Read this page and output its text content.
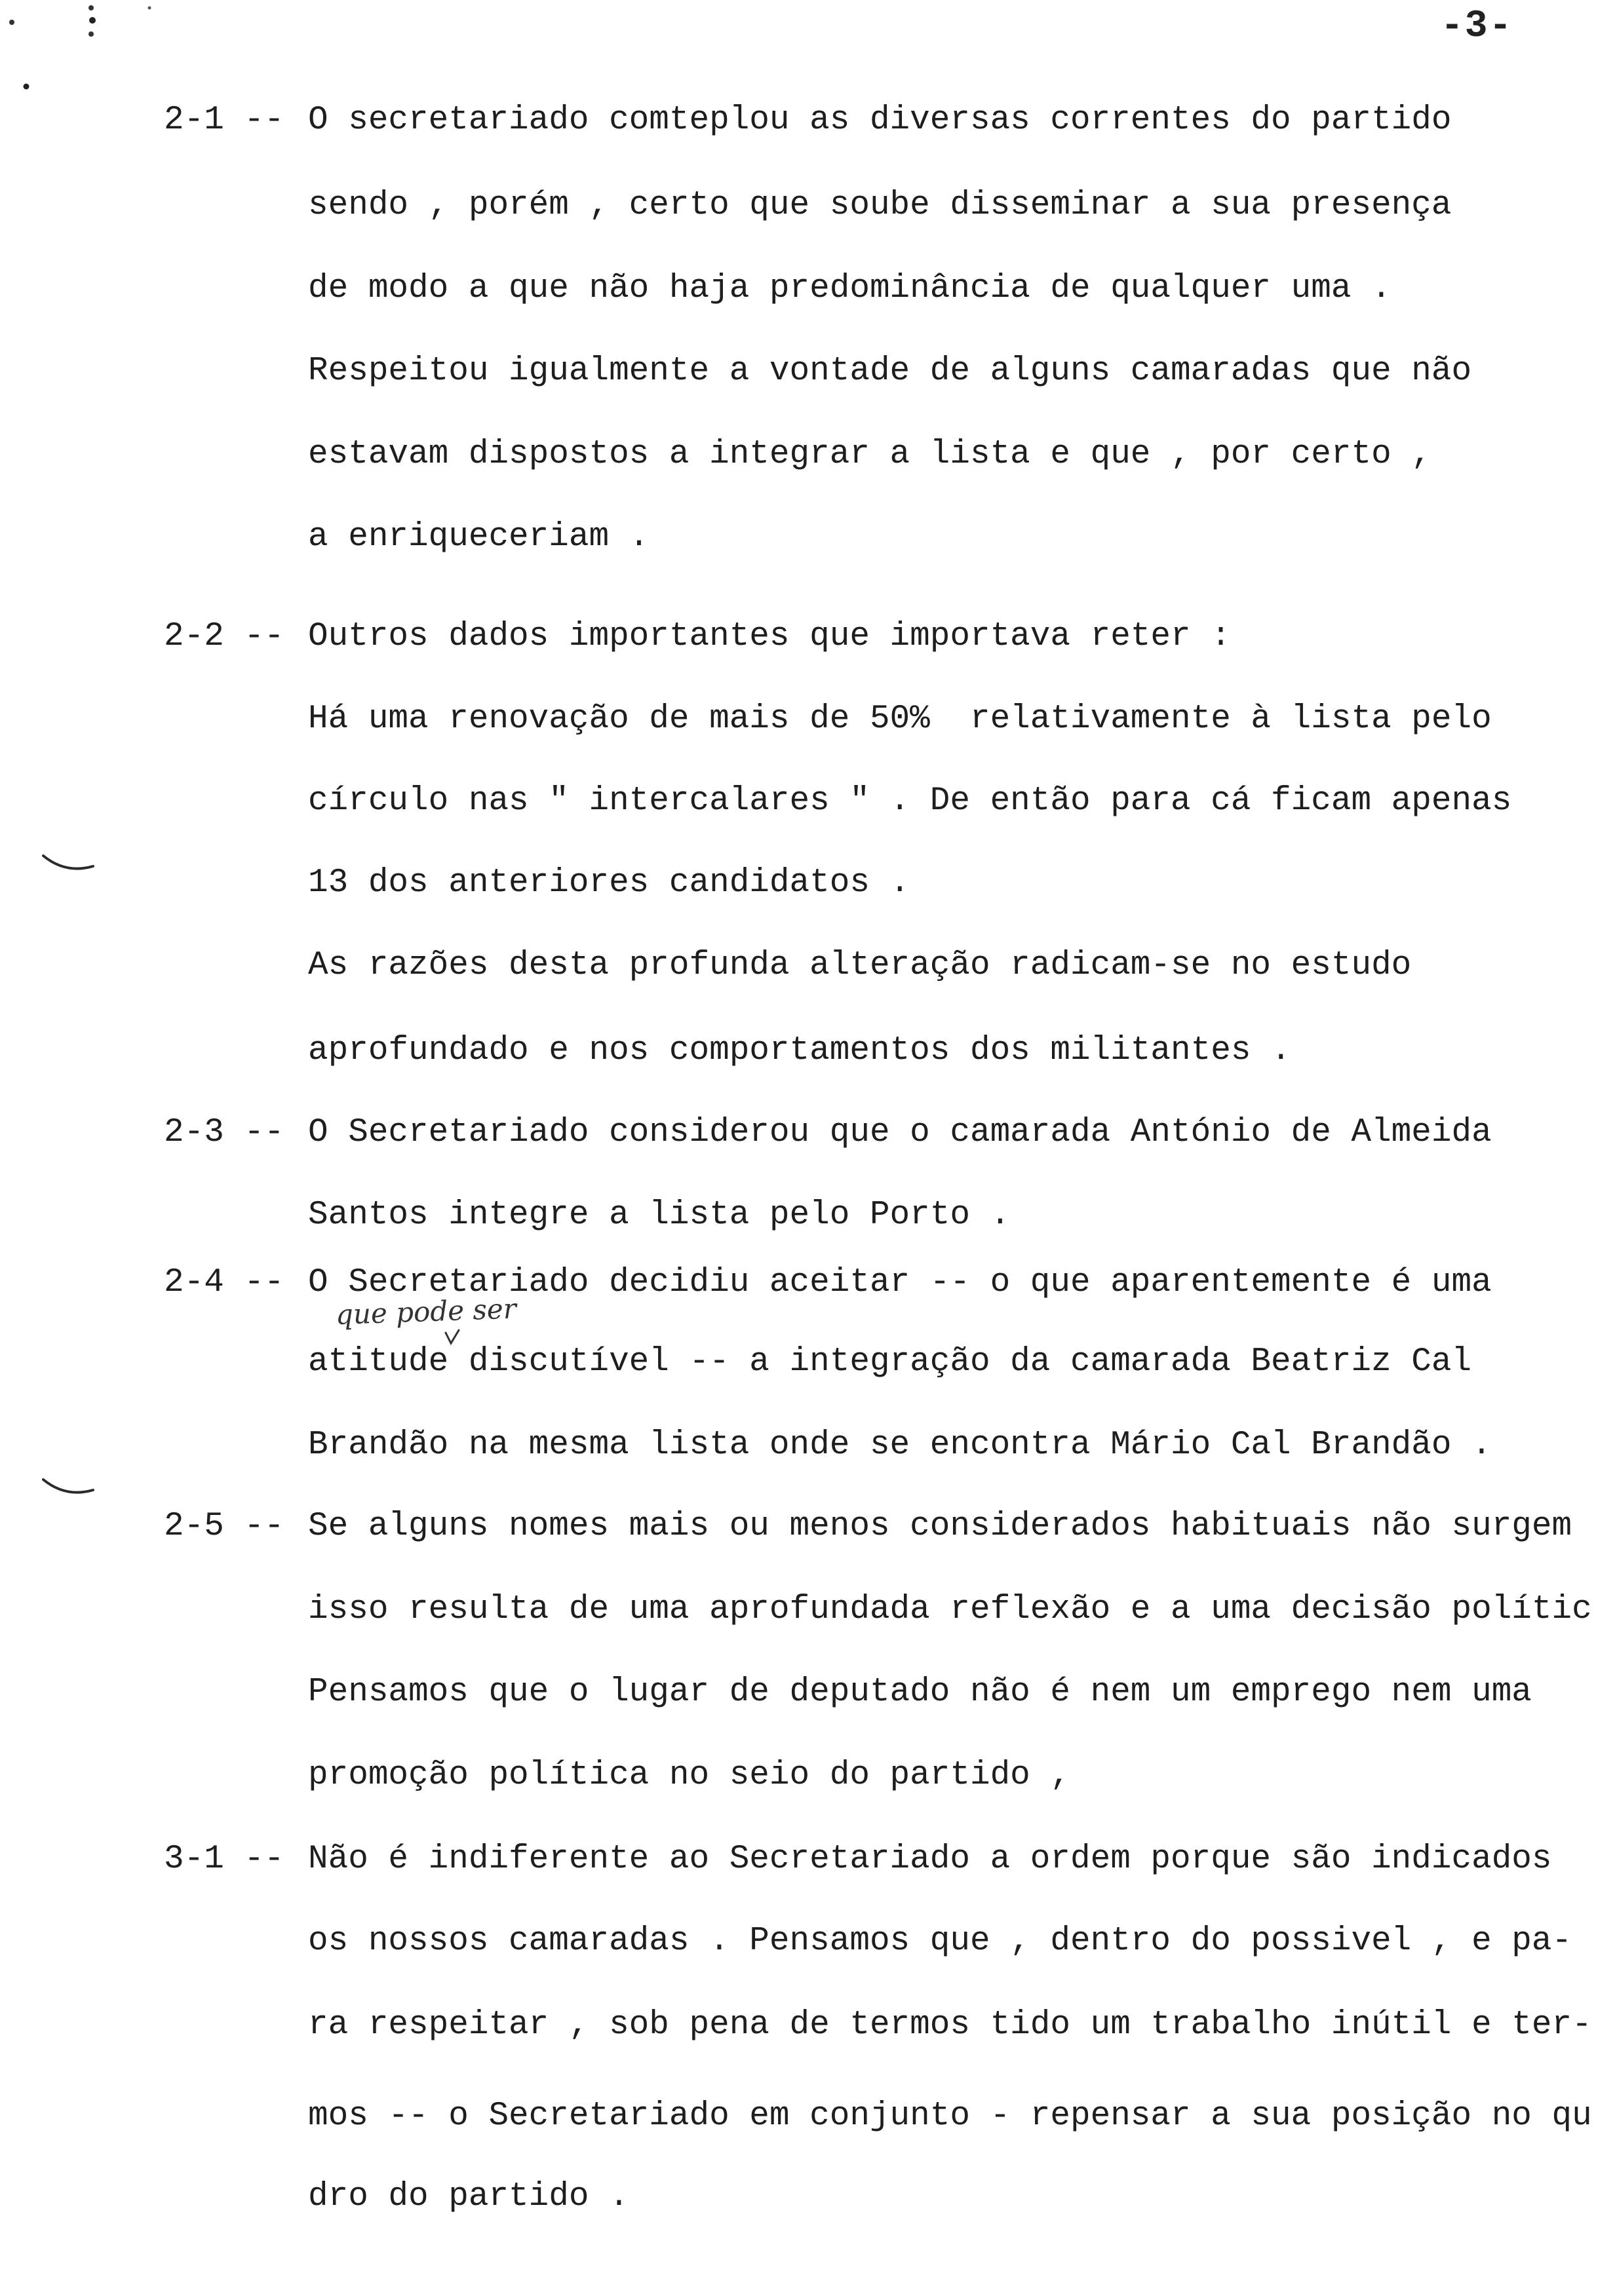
-3-
2-1 -- O secretariado comteplou as diversas correntes do partido
sendo , porém , certo que soube disseminar a sua presença
de modo a que não haja predominância de qualquer uma .
Respeitou igualmente a vontade de alguns camaradas que não
estavam dispostos a integrar a lista e que , por certo ,
a enriqueceriam .
2-2 -- Outros dados importantes que importava reter :
Há uma renovação de mais de 50%  relativamente à lista pelo
círculo nas " intercalares " . De então para cá ficam apenas
13 dos anteriores candidatos .
As razões desta profunda alteração radicam-se no estudo
aprofundado e nos comportamentos dos militantes .
2-3 -- O Secretariado considerou que o camarada António de Almeida
Santos integre a lista pelo Porto .
2-4 -- O Secretariado decidiu aceitar -- o que aparentemente é uma
que pode ser
atitude discutível -- a integração da camarada Beatriz Cal
Brandão na mesma lista onde se encontra Mário Cal Brandão .
2-5 -- Se alguns nomes mais ou menos considerados habituais não surgem
isso resulta de uma aprofundada reflexão e a uma decisão polític
Pensamos que o lugar de deputado não é nem um emprego nem uma
promoção política no seio do partido ,
3-1 -- Não é indiferente ao Secretariado a ordem porque são indicados
os nossos camaradas . Pensamos que , dentro do possivel , e pa-
ra respeitar , sob pena de termos tido um trabalho inútil e ter-
mos -- o Secretariado em conjunto - repensar a sua posição no qu
dro do partido .
